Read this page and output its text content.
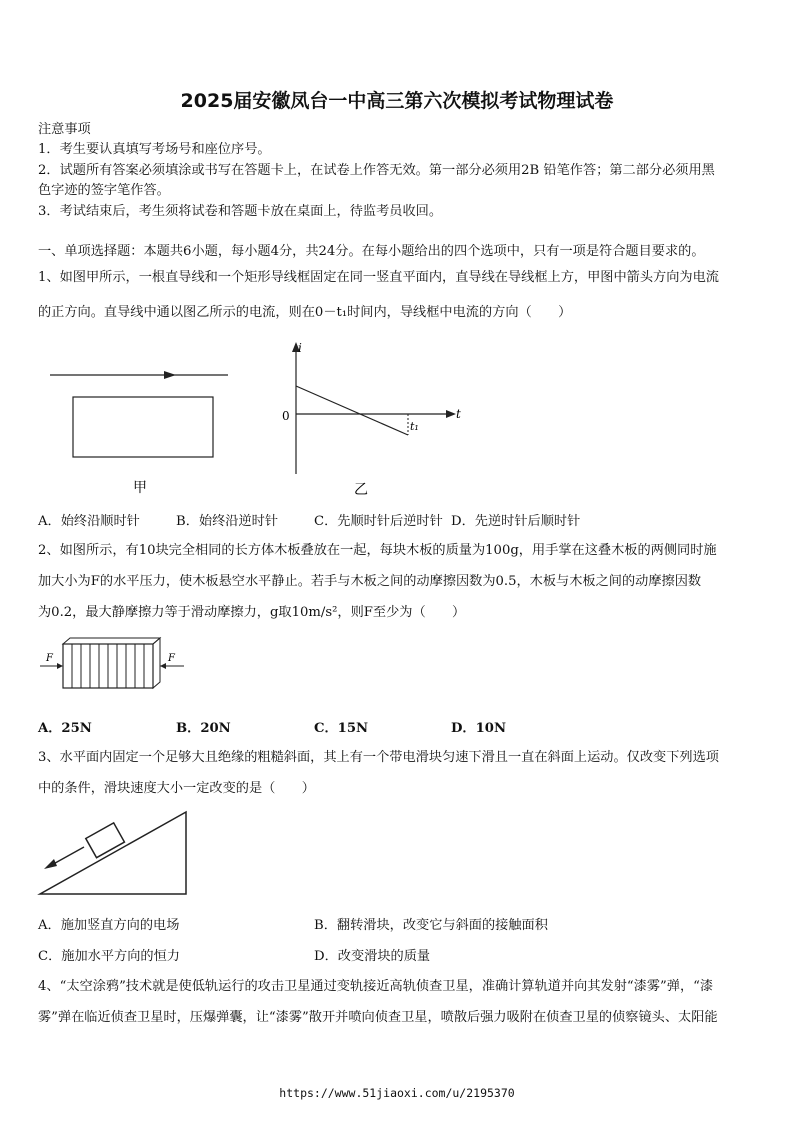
2025届安徽凤台一中高三第六次模拟考试物理试卷
注意事项
1．考生要认真填写考场号和座位序号。
2．试题所有答案必须填涂或书写在答题卡上，在试卷上作答无效。第一部分必须用2B 铅笔作答；第二部分必须用黑
色字迹的签字笔作答。
3．考试结束后，考生须将试卷和答题卡放在桌面上，待监考员收回。
一、单项选择题：本题共6小题，每小题4分，共24分。在每小题给出的四个选项中，只有一项是符合题目要求的。
1、如图甲所示，一根直导线和一个矩形导线框固定在同一竖直平面内，直导线在导线框上方，甲图中箭头方向为电流
的正方向。直导线中通以图乙所示的电流，则在0－t₁时间内，导线框中电流的方向（　　）
甲
i
t
0
t₁
乙
A．始终沿顺时针	B．始终沿逆时针	C．先顺时针后逆时针 D．先逆时针后顺时针
2、如图所示，有10块完全相同的长方体木板叠放在一起，每块木板的质量为100g，用手掌在这叠木板的两侧同时施
加大小为F的水平压力，使木板悬空水平静止。若手与木板之间的动摩擦因数为0.5，木板与木板之间的动摩擦因数
为0.2，最大静摩擦力等于滑动摩擦力，g取10m/s²，则F至少为（　　）
F	F
A．25N	B．20N	C．15N	D．10N
3、水平面内固定一个足够大且绝缘的粗糙斜面，其上有一个带电滑块匀速下滑且一直在斜面上运动。仅改变下列选项
中的条件，滑块速度大小一定改变的是（　　）
A．施加竖直方向的电场	B．翻转滑块，改变它与斜面的接触面积
C．施加水平方向的恒力	D．改变滑块的质量
4、“太空涂鸦”技术就是使低轨运行的攻击卫星通过变轨接近高轨侦查卫星，准确计算轨道并向其发射“漆雾”弹，“漆
雾”弹在临近侦查卫星时，压爆弹囊，让“漆雾”散开并喷向侦查卫星，喷散后强力吸附在侦查卫星的侦察镜头、太阳能
https://www.51jiaoxi.com/u/2195370
